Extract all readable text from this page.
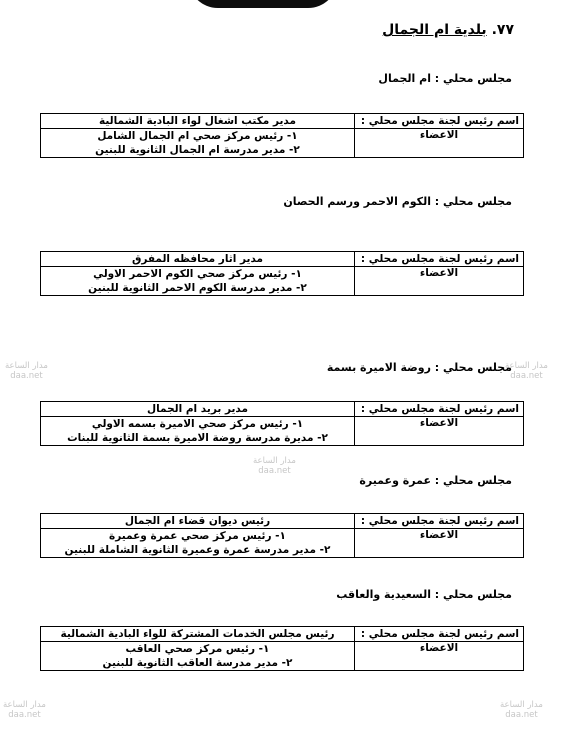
٧٧. بلدية ام الجمال
مجلس محلي : ام الجمال
اسم رئيس لجنة مجلس محلي :	مدير مكتب اشغال لواء البادية الشمالية
الاعضاء	١- رئيس مركز صحي ام الجمال الشامل
٢- مدير مدرسة ام الجمال الثانوية للبنين
مجلس محلي : الكوم الاحمر ورسم الحصان
اسم رئيس لجنة مجلس محلي :	مدير اثار محافظه المفرق
الاعضاء	١- رئيس مركز صحي الكوم الاحمر الاولي
٢- مدير مدرسة الكوم الاحمر الثانوية للبنين
مجلس محلي : روضة الاميرة بسمة
اسم رئيس لجنة مجلس محلي :	مدير بريد ام الجمال
الاعضاء	١- رئيس مركز صحي الاميرة بسمه الاولي
٢- مديرة مدرسة روضة الاميرة بسمة الثانوية للبنات
مجلس محلي : عمرة وعميرة
اسم رئيس لجنة مجلس محلي :	رئيس ديوان قضاء ام الجمال
الاعضاء	١- رئيس مركز صحي عمرة وعميرة
٢- مدير مدرسة عمرة وعميرة الثانوية الشاملة للبنين
مجلس محلي : السعيدية والعاقب
اسم رئيس لجنة مجلس محلي :	رئيس مجلس الخدمات المشتركة للواء البادية الشمالية
الاعضاء	١- رئيس مركز صحي العاقب
٢- مدير مدرسة العاقب الثانوية للبنين
مدار الساعة
daa.net
مدار الساعة
daa.net
مدار الساعة
daa.net
مدار الساعة
daa.net
مدار الساعة
daa.net
